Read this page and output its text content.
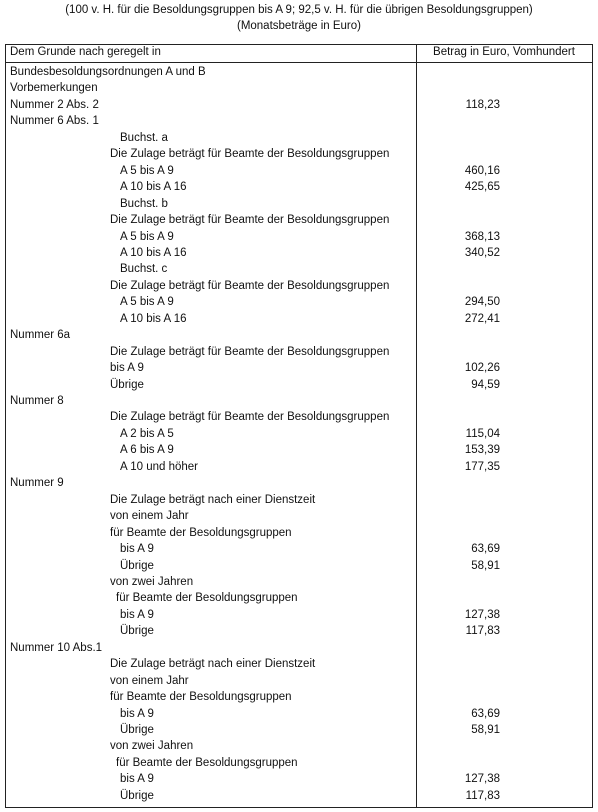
(100 v. H. für die Besoldungsgruppen bis A 9; 92,5 v. H. für die übrigen Besoldungsgruppen)
(Monatsbeträge in Euro)
Dem Grunde nach geregelt in	Betrag in Euro, Vomhundert
Bundesbesoldungsordnungen A und B
Vorbemerkungen
Nummer 2 Abs. 2	118,23
Nummer 6 Abs. 1
Buchst. a
Die Zulage beträgt für Beamte der Besoldungsgruppen
A 5 bis A 9	460,16
A 10 bis A 16	425,65
Buchst. b
Die Zulage beträgt für Beamte der Besoldungsgruppen
A 5 bis A 9	368,13
A 10 bis A 16	340,52
Buchst. c
Die Zulage beträgt für Beamte der Besoldungsgruppen
A 5 bis A 9	294,50
A 10 bis A 16	272,41
Nummer 6a
Die Zulage beträgt für Beamte der Besoldungsgruppen
bis A 9	102,26
Übrige	94,59
Nummer 8
Die Zulage beträgt für Beamte der Besoldungsgruppen
A 2 bis A 5	115,04
A 6 bis A 9	153,39
A 10 und höher	177,35
Nummer 9
Die Zulage beträgt nach einer Dienstzeit
von einem Jahr
für Beamte der Besoldungsgruppen
bis A 9	63,69
Übrige	58,91
von zwei Jahren
für Beamte der Besoldungsgruppen
bis A 9	127,38
Übrige	117,83
Nummer 10 Abs.1
Die Zulage beträgt nach einer Dienstzeit
von einem Jahr
für Beamte der Besoldungsgruppen
bis A 9	63,69
Übrige	58,91
von zwei Jahren
für Beamte der Besoldungsgruppen
bis A 9	127,38
Übrige	117,83
